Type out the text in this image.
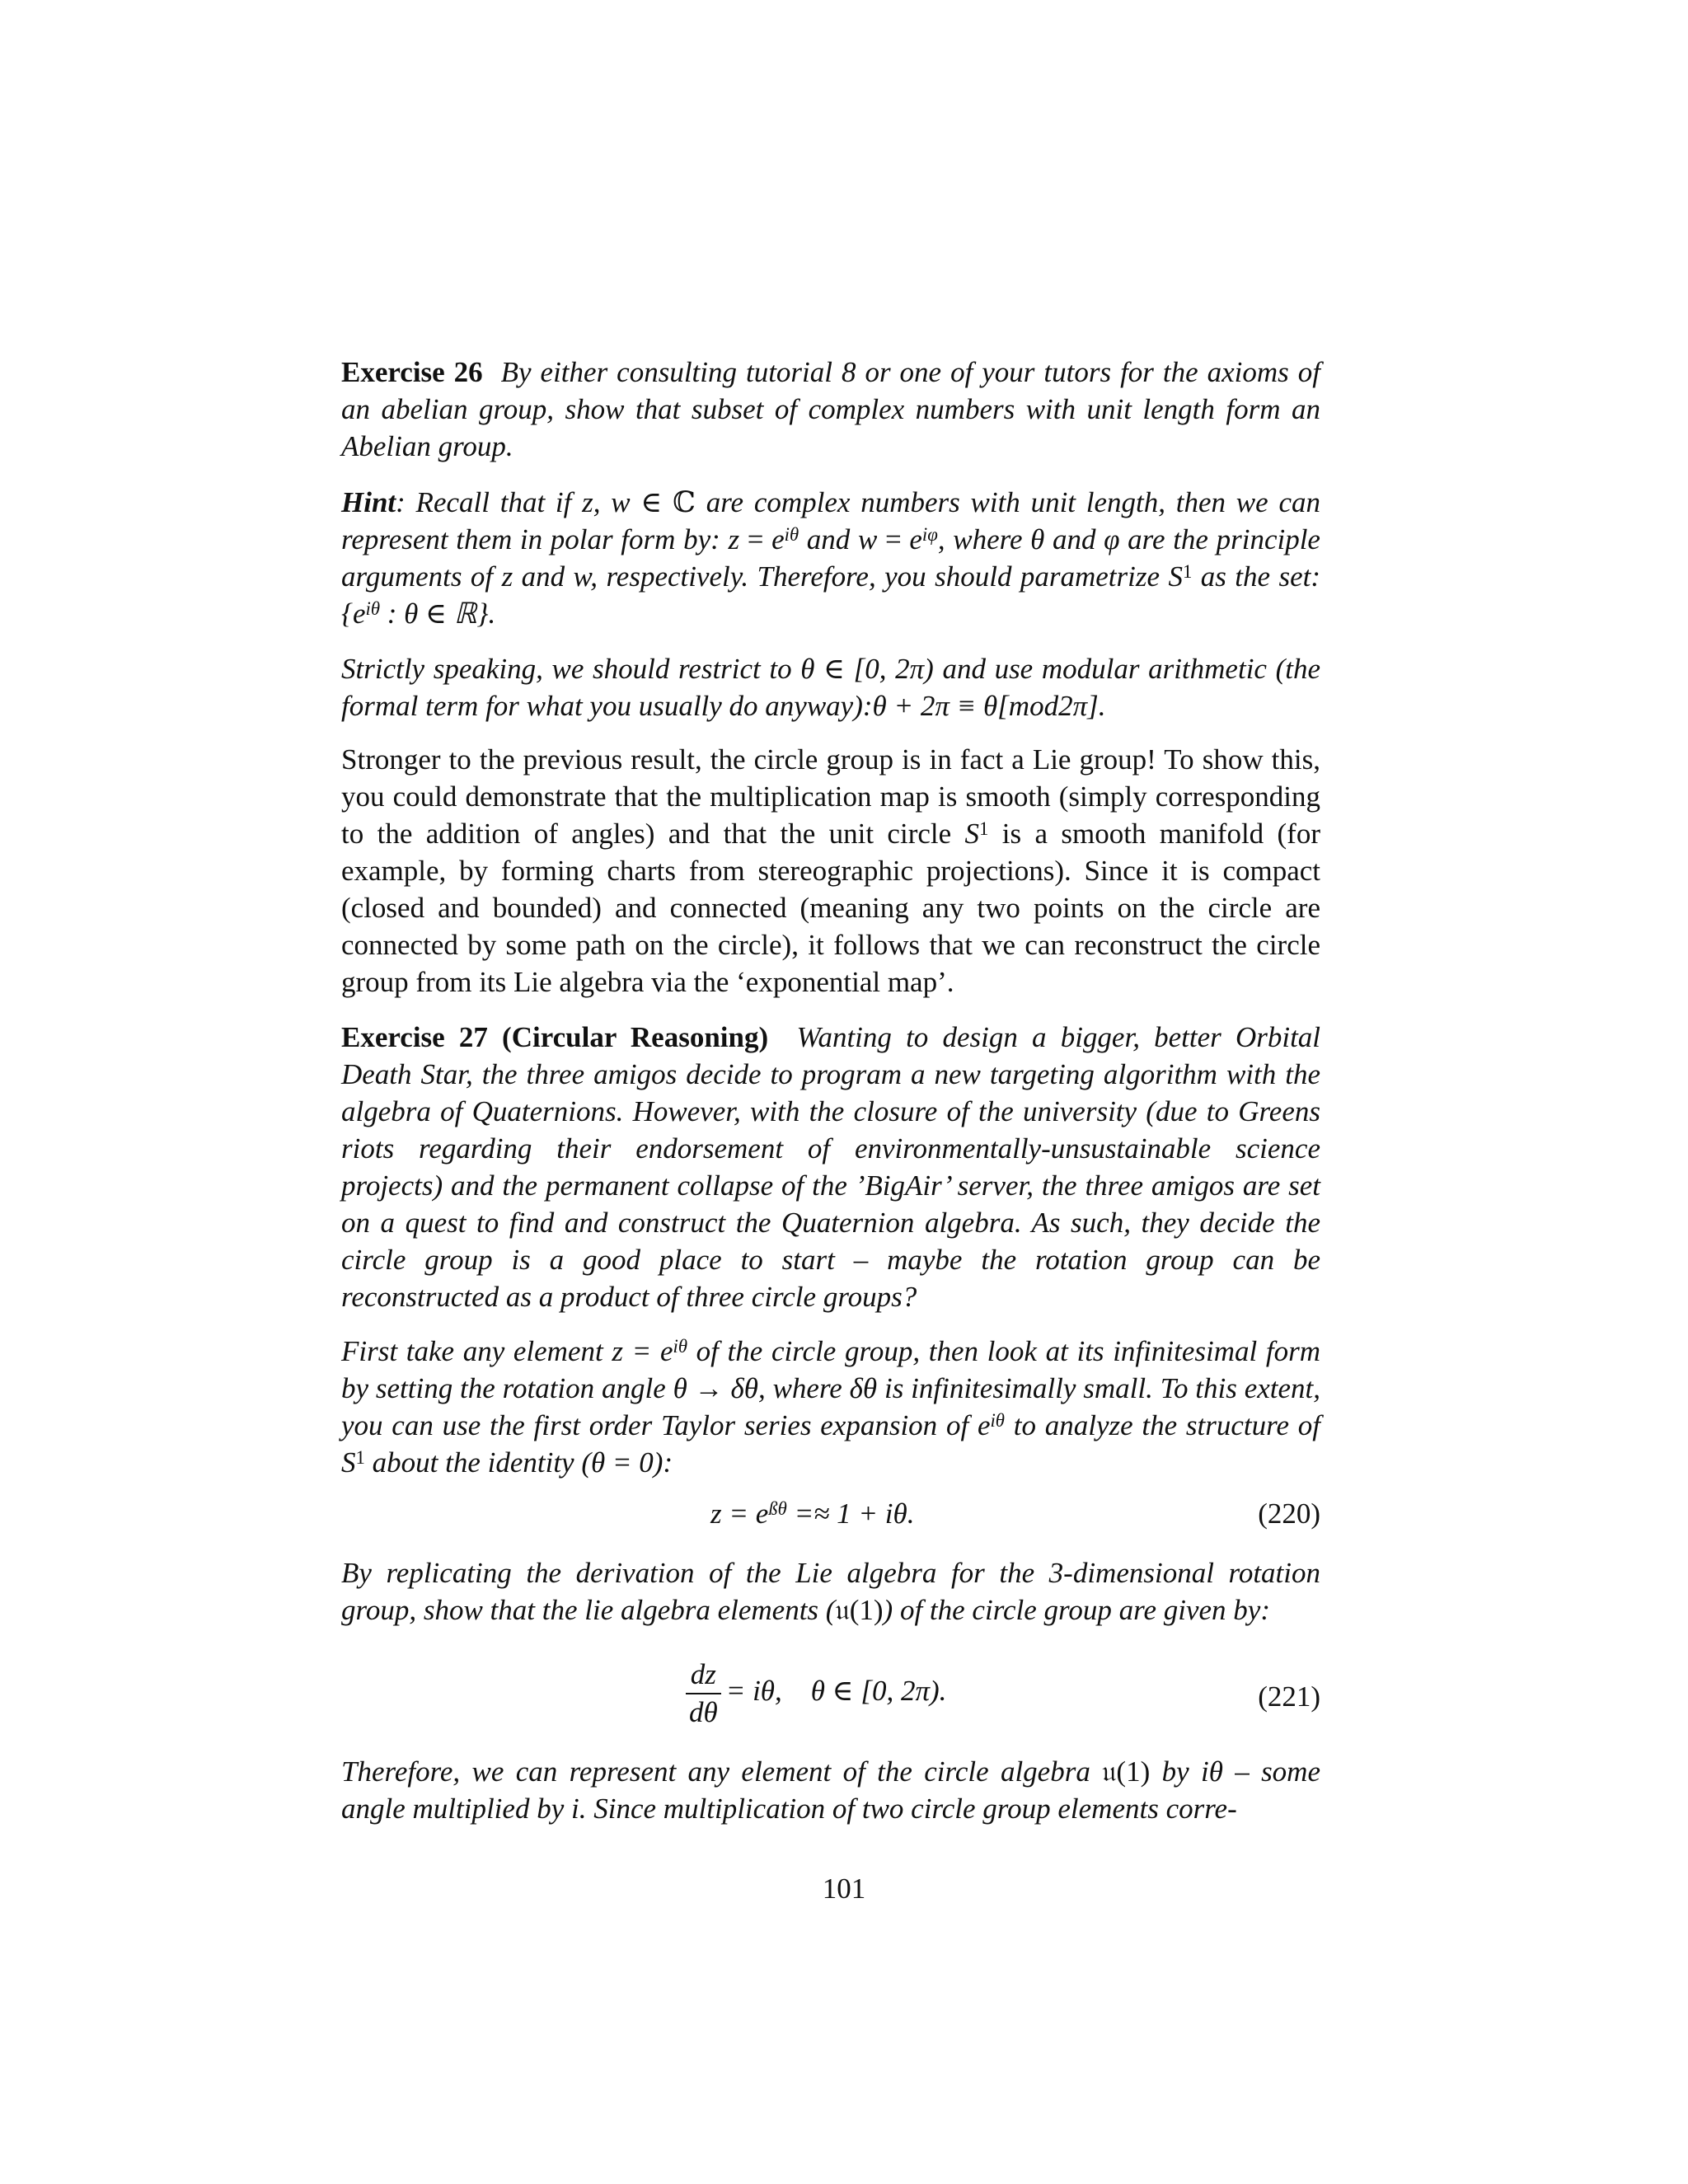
Exercise 26 By either consulting tutorial 8 or one of your tutors for the axioms of an abelian group, show that subset of complex numbers with unit length form an Abelian group.
Hint: Recall that if z, w ∈ ℂ are complex numbers with unit length, then we can represent them in polar form by: $z = e^{i\theta}$ and $w = e^{i\varphi}$, where θ and φ are the principle arguments of z and w, respectively. Therefore, you should parametrize $S^1$ as the set: {$e^{i\theta}$ : θ ∈ ℝ}.
Strictly speaking, we should restrict to θ ∈ [0, 2π) and use modular arithmetic (the formal term for what you usually do anyway):θ + 2π ≡ θ[mod2π].
Stronger to the previous result, the circle group is in fact a Lie group! To show this, you could demonstrate that the multiplication map is smooth (simply corresponding to the addition of angles) and that the unit circle $S^1$ is a smooth manifold (for example, by forming charts from stereographic projections). Since it is compact (closed and bounded) and connected (meaning any two points on the circle are connected by some path on the circle), it follows that we can reconstruct the circle group from its Lie algebra via the ‘exponential map’.
Exercise 27 (Circular Reasoning) Wanting to design a bigger, better Orbital Death Star, the three amigos decide to program a new targeting algorithm with the algebra of Quaternions. However, with the closure of the university (due to Greens riots regarding their endorsement of environmentally-unsustainable science projects) and the permanent collapse of the ’BigAir’ server, the three amigos are set on a quest to find and construct the Quaternion algebra. As such, they decide the circle group is a good place to start – maybe the rotation group can be reconstructed as a product of three circle groups?
First take any element $z = e^{i\theta}$ of the circle group, then look at its infinitesimal form by setting the rotation angle θ → δθ, where δθ is infinitesimally small. To this extent, you can use the first order Taylor series expansion of $e^{i\theta}$ to analyze the structure of $S^1$ about the identity (θ = 0):
$z = e^{ß\theta} =\approx 1 + i\theta$.	(220)
By replicating the derivation of the Lie algebra for the 3-dimensional rotation group, show that the lie algebra elements (𝔲(1)) of the circle group are given by:
$\frac{dz}{d\theta} = i\theta$,    θ ∈ [0, 2π).	(221)
Therefore, we can represent any element of the circle algebra 𝔲(1) by iθ – some angle multiplied by i. Since multiplication of two circle group elements corre-
101
